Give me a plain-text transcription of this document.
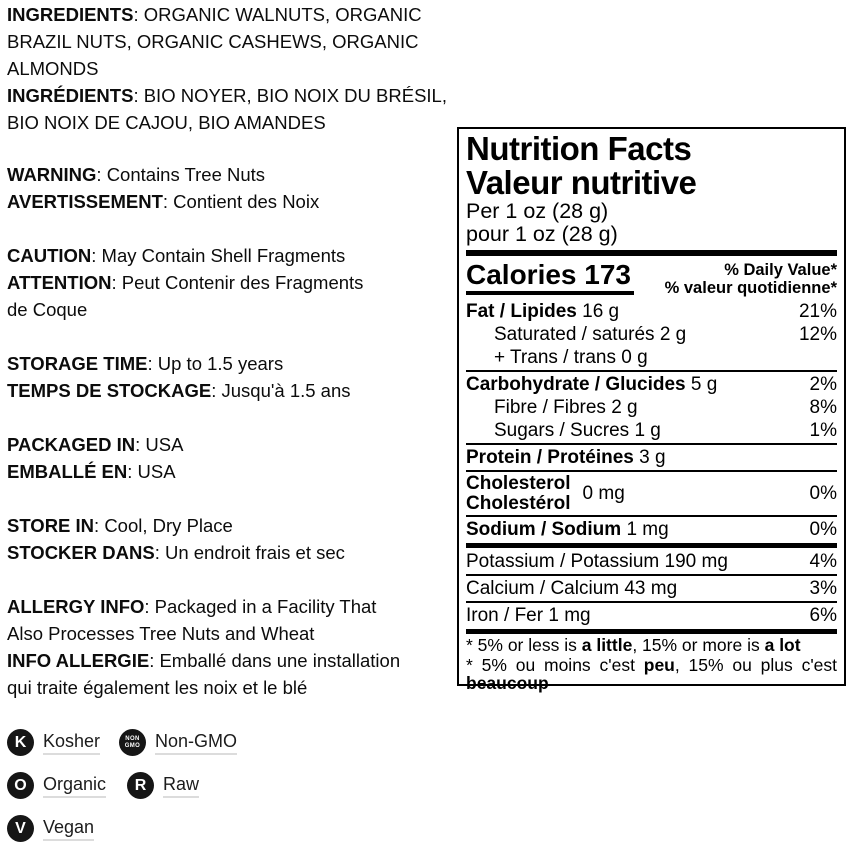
INGREDIENTS: ORGANIC WALNUTS, ORGANIC
BRAZIL NUTS, ORGANIC CASHEWS, ORGANIC
ALMONDS
INGRÉDIENTS: BIO NOYER, BIO NOIX DU BRÉSIL,
BIO NOIX DE CAJOU, BIO AMANDES
WARNING: Contains Tree Nuts
AVERTISSEMENT: Contient des Noix
CAUTION: May Contain Shell Fragments
ATTENTION: Peut Contenir des Fragments
de Coque
STORAGE TIME: Up to 1.5 years
TEMPS DE STOCKAGE: Jusqu'à 1.5 ans
PACKAGED IN: USA
EMBALLÉ EN: USA
STORE IN: Cool, Dry Place
STOCKER DANS: Un endroit frais et sec
ALLERGY INFO: Packaged in a Facility That
Also Processes Tree Nuts and Wheat
INFO ALLERGIE: Emballé dans une installation
qui traite également les noix et le blé
K Kosher	NON
GMO Non-GMO
O Organic R Raw
V Vegan
Nutrition Facts
Valeur nutritive
Per 1 oz (28 g)
pour 1 oz (28 g)
Calories 173	% Daily Value*
% valeur quotidienne*
Fat / Lipides 16 g	21%
Saturated / saturés 2 g	12%
+ Trans / trans 0 g
Carbohydrate / Glucides 5 g	2%
Fibre / Fibres 2 g	8%
Sugars / Sucres 1 g	1%
Protein / Protéines 3 g
Cholesterol
Cholestérol 0 mg	0%
Sodium / Sodium 1 mg	0%
Potassium / Potassium 190 mg	4%
Calcium / Calcium 43 mg	3%
Iron / Fer 1 mg	6%
* 5% or less is a little, 15% or more is a lot
* 5% ou moins c'est peu, 15% ou plus c'est beaucoup
